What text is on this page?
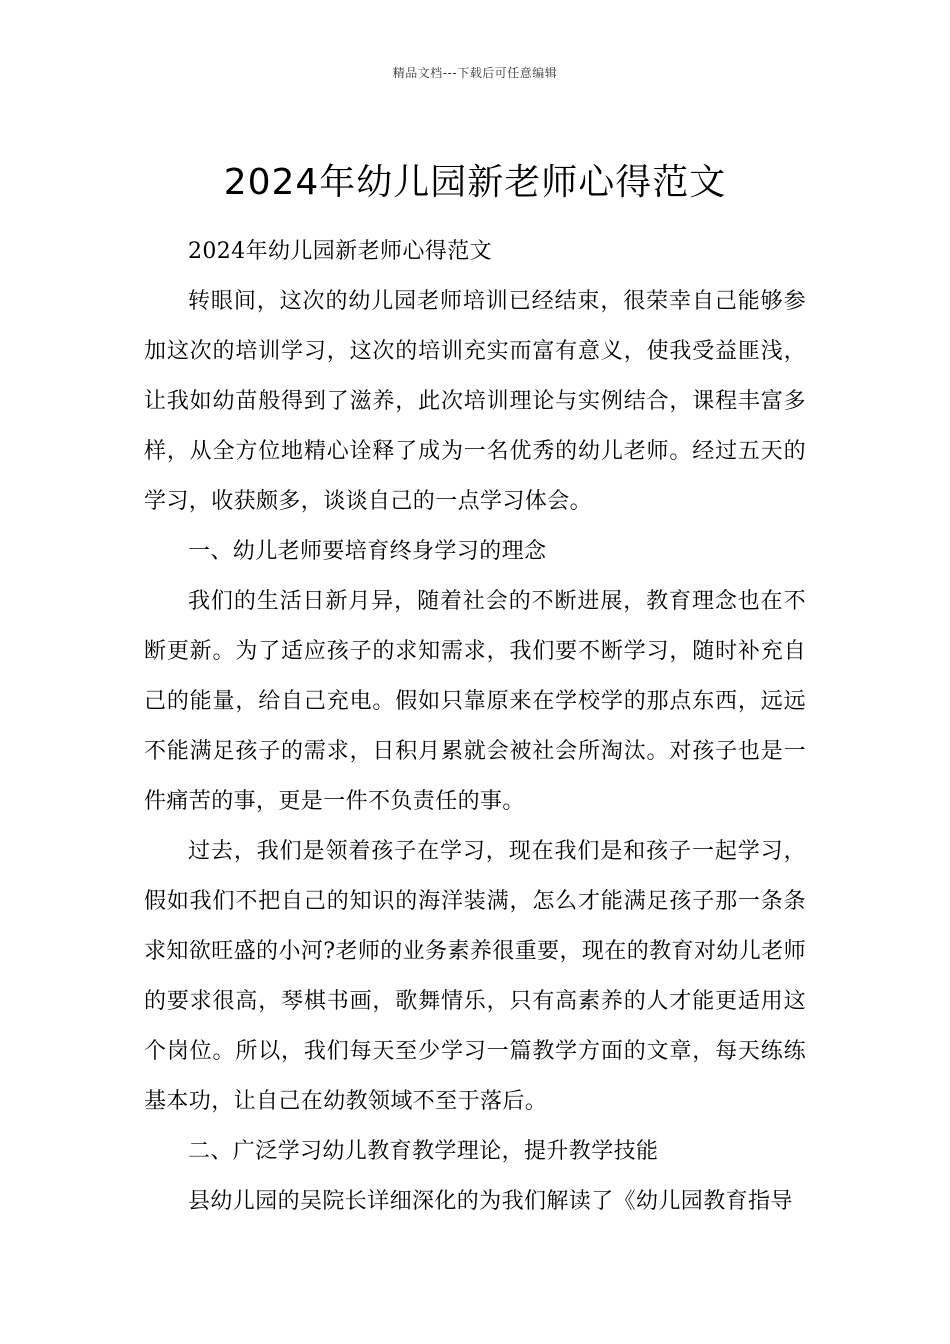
精品文档---下载后可任意编辑
2024年幼儿园新老师心得范文

2024年幼儿园新老师心得范文

转眼间，这次的幼儿园老师培训已经结束，很荣幸自己能够参加这次的培训学习，这次的培训充实而富有意义，使我受益匪浅，让我如幼苗般得到了滋养，此次培训理论与实例结合，课程丰富多样，从全方位地精心诠释了成为一名优秀的幼儿老师。经过五天的学习，收获颇多，谈谈自己的一点学习体会。

一、幼儿老师要培育终身学习的理念

我们的生活日新月异，随着社会的不断进展，教育理念也在不断更新。为了适应孩子的求知需求，我们要不断学习，随时补充自己的能量，给自己充电。假如只靠原来在学校学的那点东西，远远不能满足孩子的需求，日积月累就会被社会所淘汰。对孩子也是一件痛苦的事，更是一件不负责任的事。

过去，我们是领着孩子在学习，现在我们是和孩子一起学习，假如我们不把自己的知识的海洋装满，怎么才能满足孩子那一条条求知欲旺盛的小河?老师的业务素养很重要，现在的教育对幼儿老师的要求很高，琴棋书画，歌舞情乐，只有高素养的人才能更适用这个岗位。所以，我们每天至少学习一篇教学方面的文章，每天练练基本功，让自己在幼教领域不至于落后。

二、广泛学习幼儿教育教学理论，提升教学技能

县幼儿园的吴院长详细深化的为我们解读了《幼儿园教育指导
